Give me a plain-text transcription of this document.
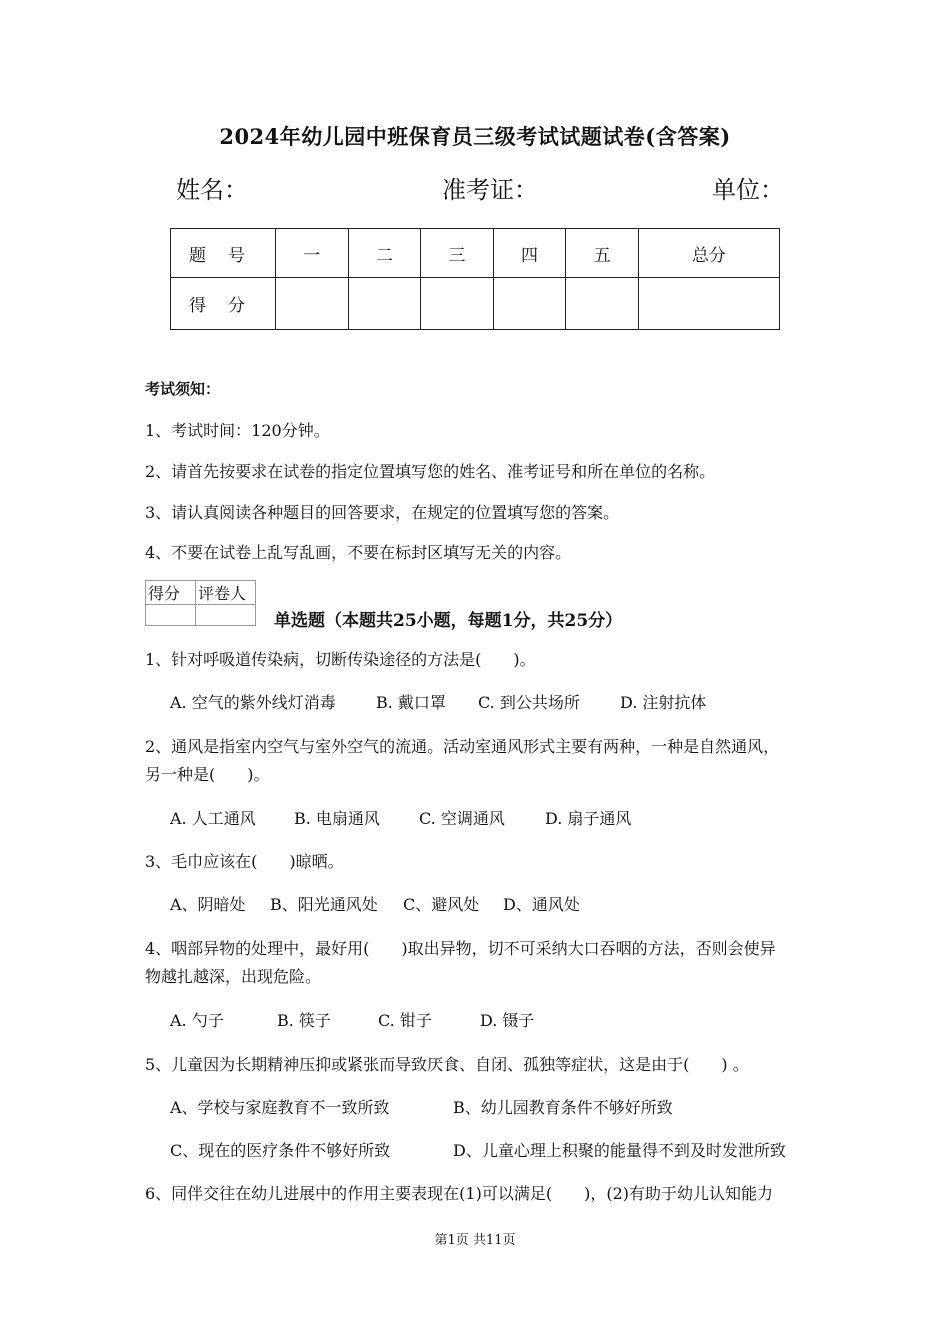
2024年幼儿园中班保育员三级考试试题试卷(含答案)
姓名：	准考证：	单位：
题号	一	二	三	四	五	总分
得分						
考试须知：
1、考试时间：120分钟。
2、请首先按要求在试卷的指定位置填写您的姓名、准考证号和所在单位的名称。
3、请认真阅读各种题目的回答要求，在规定的位置填写您的答案。
4、不要在试卷上乱写乱画，不要在标封区填写无关的内容。
得分	评卷人

单选题（本题共25小题，每题1分，共25分）
1、针对呼吸道传染病，切断传染途径的方法是(　　)。
A. 空气的紫外线灯消毒	B. 戴口罩 C. 到公共场所	D. 注射抗体
2、通风是指室内空气与室外空气的流通。活动室通风形式主要有两种，一种是自然通风，
另一种是(　　)。
A. 人工通风 B. 电扇通风 C. 空调通风	D. 扇子通风
3、毛巾应该在(　　)晾晒。
A、阴暗处 B、阳光通风处 C、避风处 D、通风处
4、咽部异物的处理中，最好用(　　)取出异物，切不可采纳大口吞咽的方法，否则会使异
物越扎越深，出现危险。
A. 勺子	B. 筷子	C. 钳子	D. 镊子
5、儿童因为长期精神压抑或紧张而导致厌食、自闭、孤独等症状，这是由于(　　) 。
A、学校与家庭教育不一致所致	B、幼儿园教育条件不够好所致
C、现在的医疗条件不够好所致	D、儿童心理上积聚的能量得不到及时发泄所致
6、同伴交往在幼儿进展中的作用主要表现在(1)可以满足(　　)，(2)有助于幼儿认知能力
第1页 共11页
